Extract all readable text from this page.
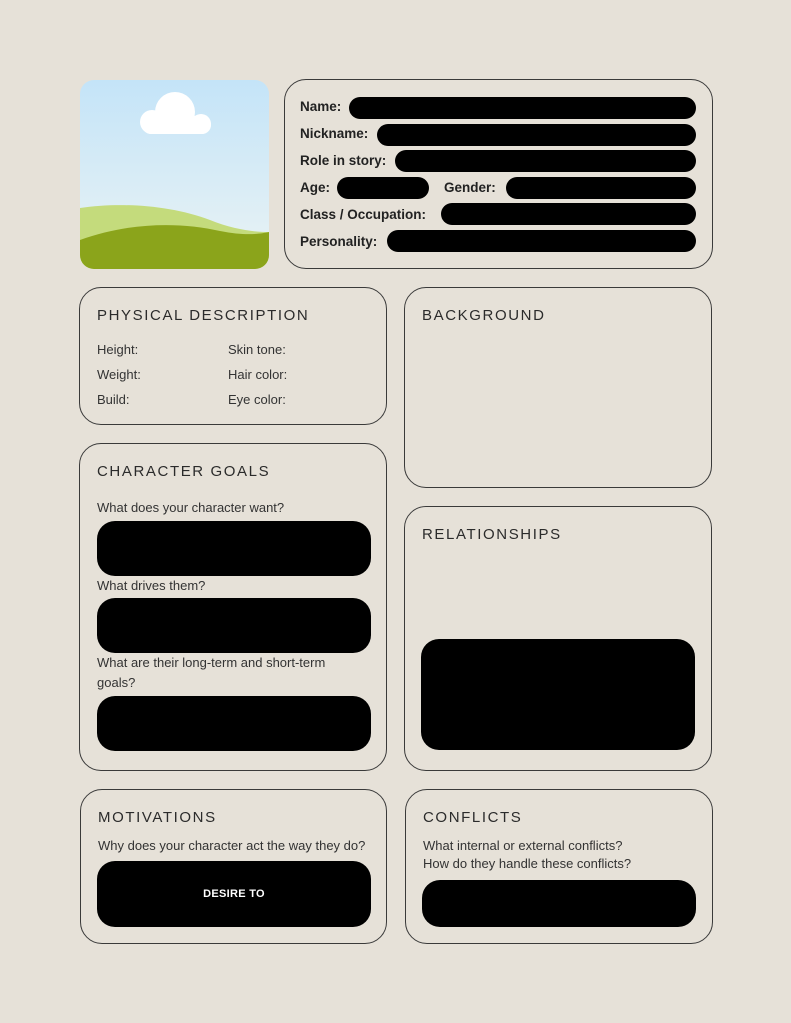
Name:
Nickname:
Role in story:
Age:	Gender:
Class / Occupation:
Personality:
PHYSICAL DESCRIPTION
Height:
Weight:
Build:
Skin tone:
Hair color:
Eye color:
BACKGROUND
CHARACTER GOALS
What does your character want?
What drives them?
What are their long-term and short-term
goals?
RELATIONSHIPS
MOTIVATIONS
Why does your character act the way they do?
DESIRE TO
CONFLICTS
What internal or external conflicts?
How do they handle these conflicts?
